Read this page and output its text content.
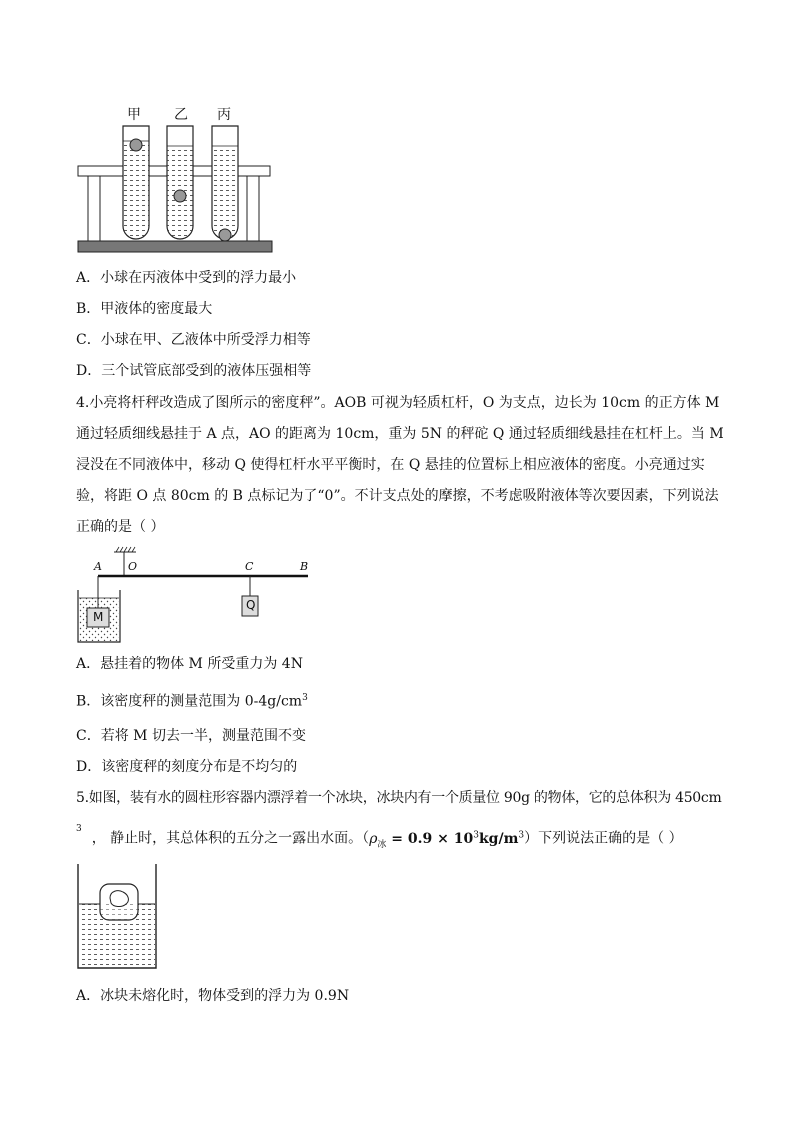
甲 乙 丙
A．小球在丙液体中受到的浮力最小
B．甲液体的密度最大
C．小球在甲、乙液体中所受浮力相等
D．三个试管底部受到的液体压强相等
4.小亮将杆秤改造成了图所示的密度秤”。AOB 可视为轻质杠杆，O 为支点，边长为 10cm 的正方体 M
通过轻质细线悬挂于 A 点，AO 的距离为 10cm，重为 5N 的秤砣 Q 通过轻质细线悬挂在杠杆上。当 M
浸没在不同液体中，移动 Q 使得杠杆水平平衡时，在 Q 悬挂的位置标上相应液体的密度。小亮通过实
验，将距 O 点 80cm 的 B 点标记为了“0”。不计支点处的摩擦，不考虑吸附液体等次要因素，下列说法
正确的是（ ）
A O	C	B
M
Q
A．悬挂着的物体 M 所受重力为 4N
B．该密度秤的测量范围为 $0-4g/cm^3$
C．若将 M 切去一半，测量范围不变
D．该密度秤的刻度分布是不均匀的
5.如图，装有水的圆柱形容器内漂浮着一个冰块，冰块内有一个质量位 90g 的物体，它的总体积为 450cm
$^3$， 静止时，其总体积的五分之一露出水面。$(\rho_冰 = 0.9 \times 10^3kg/m^3)$下列说法正确的是（ ）
A．冰块未熔化时，物体受到的浮力为 0.9N
